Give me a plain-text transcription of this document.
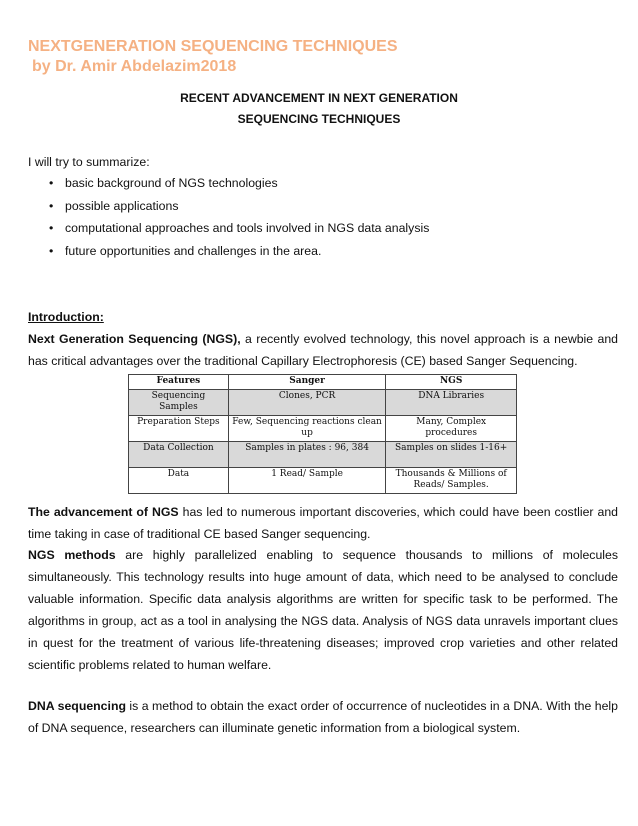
NEXTGENERATION SEQUENCING TECHNIQUES
by Dr. Amir Abdelazim2018
RECENT ADVANCEMENT IN NEXT GENERATION
SEQUENCING TECHNIQUES
I will try to summarize:
• basic background of NGS technologies
• possible applications
• computational approaches and tools involved in NGS data analysis
• future opportunities and challenges in the area.
Introduction:
Next Generation Sequencing (NGS), a recently evolved technology, this novel approach is a newbie and has critical advantages over the traditional Capillary Electrophoresis (CE) based Sanger Sequencing.
Features	Sanger	NGS
Sequencing Samples	Clones, PCR	DNA Libraries
Preparation Steps	Few, Sequencing reactions clean up	Many, Complex procedures
Data Collection	Samples in plates : 96, 384	Samples on slides 1-16+
Data	1 Read/ Sample	Thousands & Millions of Reads/ Samples.
The advancement of NGS has led to numerous important discoveries, which could have been costlier and time taking in case of traditional CE based Sanger sequencing.
NGS methods are highly parallelized enabling to sequence thousands to millions of molecules simultaneously. This technology results into huge amount of data, which need to be analysed to conclude valuable information. Specific data analysis algorithms are written for specific task to be performed. The algorithms in group, act as a tool in analysing the NGS data. Analysis of NGS data unravels important clues in quest for the treatment of various life-threatening diseases; improved crop varieties and other related scientific problems related to human welfare.
DNA sequencing is a method to obtain the exact order of occurrence of nucleotides in a DNA. With the help of DNA sequence, researchers can illuminate genetic information from a biological system.
